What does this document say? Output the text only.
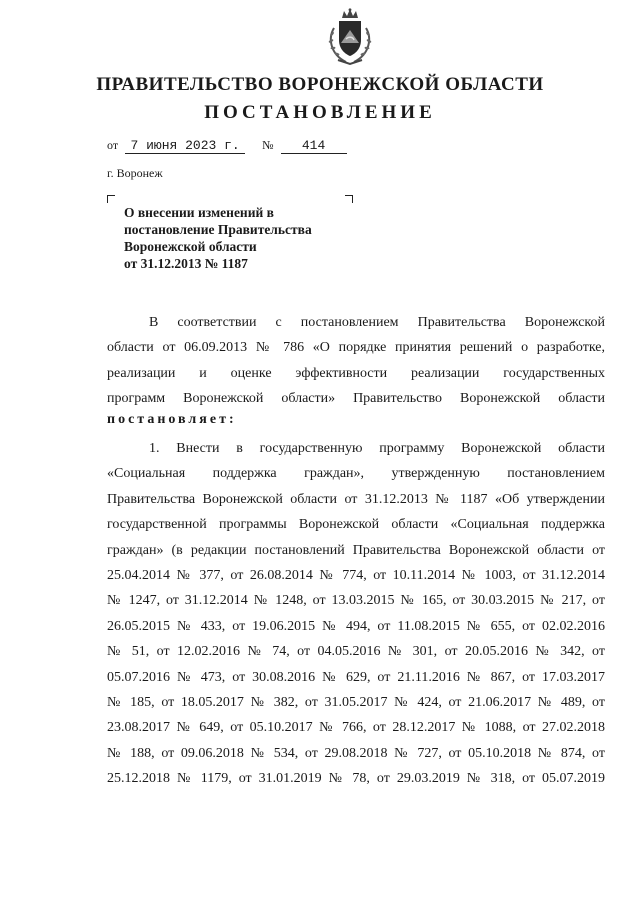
ПРАВИТЕЛЬСТВО ВОРОНЕЖСКОЙ ОБЛАСТИ
ПОСТАНОВЛЕНИЕ
от 7 июня 2023 г. № 414
г. Воронеж
О внесении изменений в
постановление Правительства
Воронежской области
от 31.12.2013 № 1187
В соответствии с постановлением Правительства Воронежской
области от 06.09.2013 № 786 «О порядке принятия решений о разработке,
реализации и оценке эффективности реализации государственных
программ Воронежской области» Правительство Воронежской области
постановляет:
1. Внести в государственную программу Воронежской области
«Социальная поддержка граждан», утвержденную постановлением
Правительства Воронежской области от 31.12.2013 № 1187 «Об утверждении
государственной программы Воронежской области «Социальная поддержка
граждан» (в редакции постановлений Правительства Воронежской области от
25.04.2014 № 377, от 26.08.2014 № 774, от 10.11.2014 № 1003, от 31.12.2014
№ 1247, от 31.12.2014 № 1248, от 13.03.2015 № 165, от 30.03.2015 № 217, от
26.05.2015 № 433, от 19.06.2015 № 494, от 11.08.2015 № 655, от 02.02.2016
№ 51, от 12.02.2016 № 74, от 04.05.2016 № 301, от 20.05.2016 № 342, от
05.07.2016 № 473, от 30.08.2016 № 629, от 21.11.2016 № 867, от 17.03.2017
№ 185, от 18.05.2017 № 382, от 31.05.2017 № 424, от 21.06.2017 № 489, от
23.08.2017 № 649, от 05.10.2017 № 766, от 28.12.2017 № 1088, от 27.02.2018
№ 188, от 09.06.2018 № 534, от 29.08.2018 № 727, от 05.10.2018 № 874, от
25.12.2018 № 1179, от 31.01.2019 № 78, от 29.03.2019 № 318, от 05.07.2019
